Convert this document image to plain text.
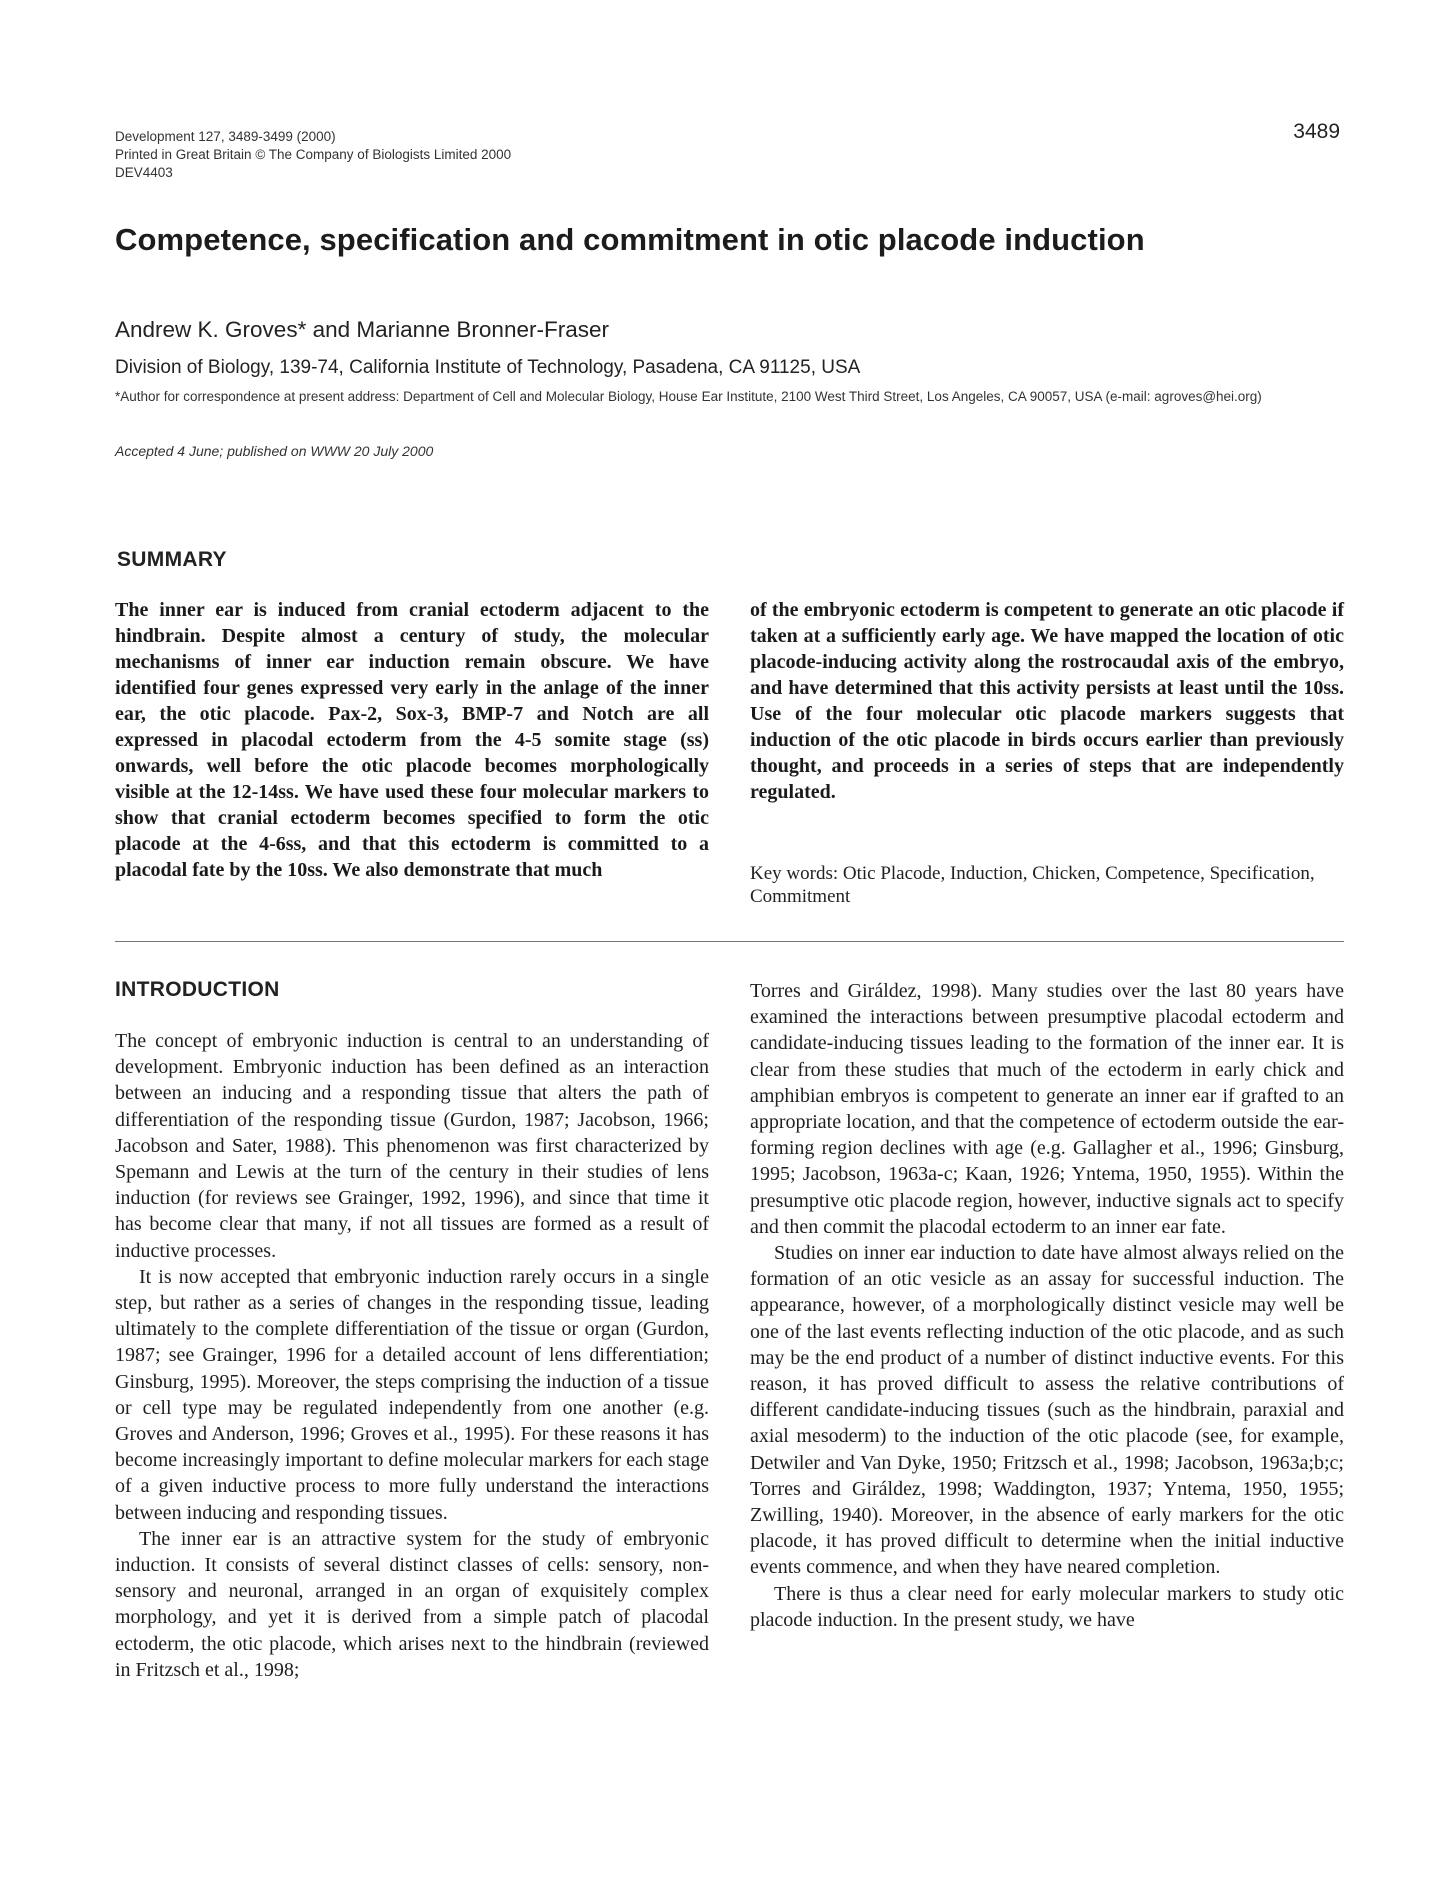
Development 127, 3489-3499 (2000)
Printed in Great Britain © The Company of Biologists Limited 2000
DEV4403
3489
Competence, specification and commitment in otic placode induction
Andrew K. Groves* and Marianne Bronner-Fraser
Division of Biology, 139-74, California Institute of Technology, Pasadena, CA 91125, USA
*Author for correspondence at present address: Department of Cell and Molecular Biology, House Ear Institute, 2100 West Third Street, Los Angeles, CA 90057, USA (e-mail: agroves@hei.org)
Accepted 4 June; published on WWW 20 July 2000
SUMMARY
The inner ear is induced from cranial ectoderm adjacent to the hindbrain. Despite almost a century of study, the molecular mechanisms of inner ear induction remain obscure. We have identified four genes expressed very early in the anlage of the inner ear, the otic placode. Pax-2, Sox-3, BMP-7 and Notch are all expressed in placodal ectoderm from the 4-5 somite stage (ss) onwards, well before the otic placode becomes morphologically visible at the 12-14ss. We have used these four molecular markers to show that cranial ectoderm becomes specified to form the otic placode at the 4-6ss, and that this ectoderm is committed to a placodal fate by the 10ss. We also demonstrate that much
of the embryonic ectoderm is competent to generate an otic placode if taken at a sufficiently early age. We have mapped the location of otic placode-inducing activity along the rostrocaudal axis of the embryo, and have determined that this activity persists at least until the 10ss. Use of the four molecular otic placode markers suggests that induction of the otic placode in birds occurs earlier than previously thought, and proceeds in a series of steps that are independently regulated.
Key words: Otic Placode, Induction, Chicken, Competence, Specification, Commitment
INTRODUCTION

The concept of embryonic induction is central to an understanding of development. Embryonic induction has been defined as an interaction between an inducing and a responding tissue that alters the path of differentiation of the responding tissue (Gurdon, 1987; Jacobson, 1966; Jacobson and Sater, 1988). This phenomenon was first characterized by Spemann and Lewis at the turn of the century in their studies of lens induction (for reviews see Grainger, 1992, 1996), and since that time it has become clear that many, if not all tissues are formed as a result of inductive processes.

It is now accepted that embryonic induction rarely occurs in a single step, but rather as a series of changes in the responding tissue, leading ultimately to the complete differentiation of the tissue or organ (Gurdon, 1987; see Grainger, 1996 for a detailed account of lens differentiation; Ginsburg, 1995). Moreover, the steps comprising the induction of a tissue or cell type may be regulated independently from one another (e.g. Groves and Anderson, 1996; Groves et al., 1995). For these reasons it has become increasingly important to define molecular markers for each stage of a given inductive process to more fully understand the interactions between inducing and responding tissues.

The inner ear is an attractive system for the study of embryonic induction. It consists of several distinct classes of cells: sensory, non-sensory and neuronal, arranged in an organ of exquisitely complex morphology, and yet it is derived from a simple patch of placodal ectoderm, the otic placode, which arises next to the hindbrain (reviewed in Fritzsch et al., 1998;

Torres and Giráldez, 1998). Many studies over the last 80 years have examined the interactions between presumptive placodal ectoderm and candidate-inducing tissues leading to the formation of the inner ear. It is clear from these studies that much of the ectoderm in early chick and amphibian embryos is competent to generate an inner ear if grafted to an appropriate location, and that the competence of ectoderm outside the ear-forming region declines with age (e.g. Gallagher et al., 1996; Ginsburg, 1995; Jacobson, 1963a-c; Kaan, 1926; Yntema, 1950, 1955). Within the presumptive otic placode region, however, inductive signals act to specify and then commit the placodal ectoderm to an inner ear fate.

Studies on inner ear induction to date have almost always relied on the formation of an otic vesicle as an assay for successful induction. The appearance, however, of a morphologically distinct vesicle may well be one of the last events reflecting induction of the otic placode, and as such may be the end product of a number of distinct inductive events. For this reason, it has proved difficult to assess the relative contributions of different candidate-inducing tissues (such as the hindbrain, paraxial and axial mesoderm) to the induction of the otic placode (see, for example, Detwiler and Van Dyke, 1950; Fritzsch et al., 1998; Jacobson, 1963a;b;c; Torres and Giráldez, 1998; Waddington, 1937; Yntema, 1950, 1955; Zwilling, 1940). Moreover, in the absence of early markers for the otic placode, it has proved difficult to determine when the initial inductive events commence, and when they have neared completion.

There is thus a clear need for early molecular markers to study otic placode induction. In the present study, we have
